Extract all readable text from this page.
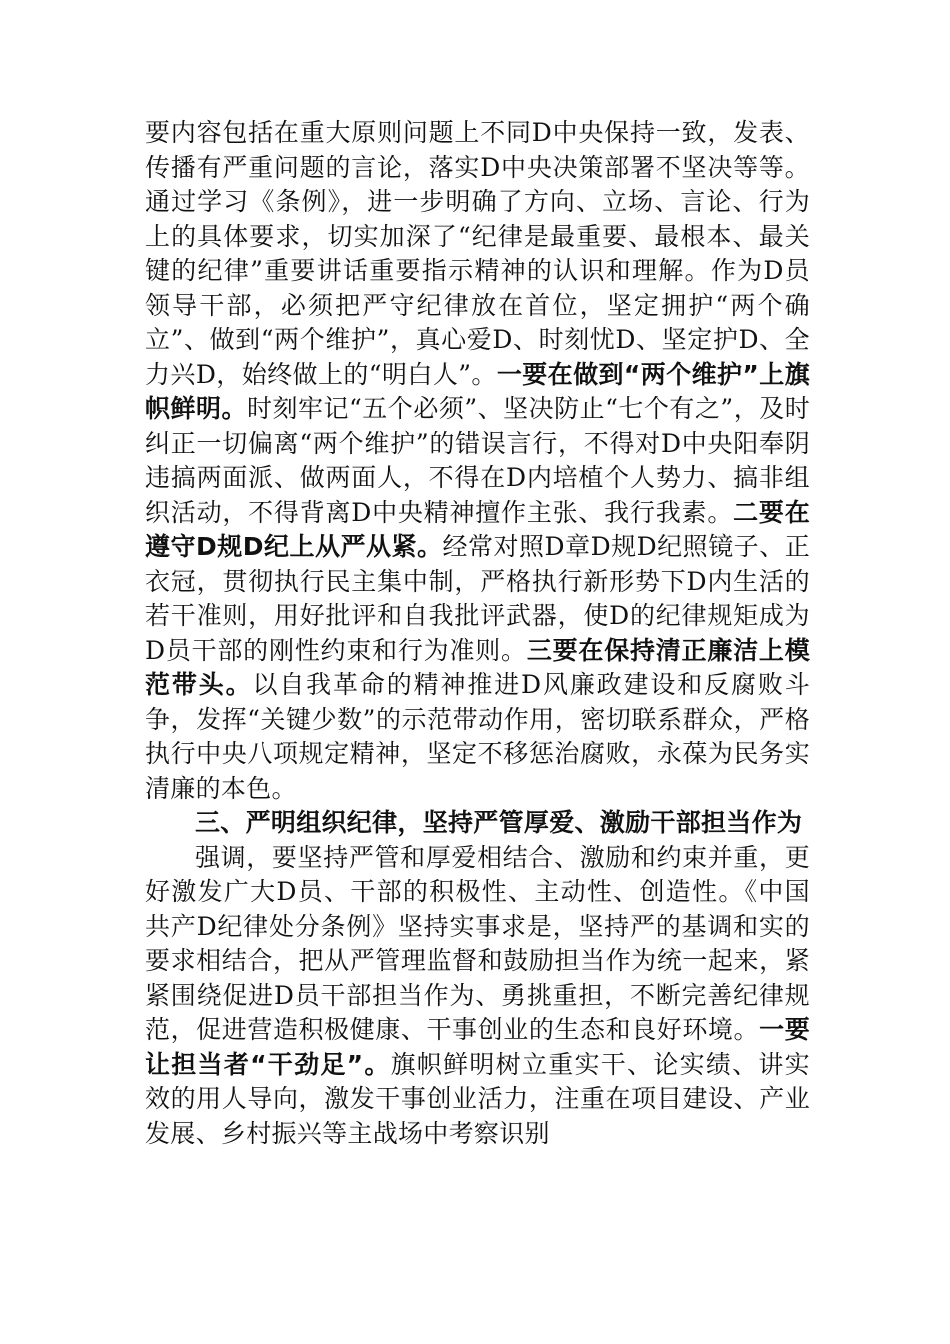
要内容包括在重大原则问题上不同D中央保持一致，发表、传播有严重问题的言论，落实D中央决策部署不坚决等等。通过学习《条例》，进一步明确了方向、立场、言论、行为上的具体要求，切实加深了“纪律是最重要、最根本、最关键的纪律”重要讲话重要指示精神的认识和理解。作为D员领导干部，必须把严守纪律放在首位，坚定拥护“两个确立”、做到“两个维护”，真心爱D、时刻忧D、坚定护D、全力兴D，始终做上的“明白人”。一要在做到“两个维护”上旗帜鲜明。时刻牢记“五个必须”、坚决防止“七个有之”，及时纠正一切偏离“两个维护”的错误言行，不得对D中央阳奉阴违搞两面派、做两面人，不得在D内培植个人势力、搞非组织活动，不得背离D中央精神擅作主张、我行我素。二要在遵守D规D纪上从严从紧。经常对照D章D规D纪照镜子、正衣冠，贯彻执行民主集中制，严格执行新形势下D内生活的若干准则，用好批评和自我批评武器，使D的纪律规矩成为D员干部的刚性约束和行为准则。三要在保持清正廉洁上模范带头。以自我革命的精神推进D风廉政建设和反腐败斗争，发挥“关键少数”的示范带动作用，密切联系群众，严格执行中央八项规定精神，坚定不移惩治腐败，永葆为民务实清廉的本色。

三、严明组织纪律，坚持严管厚爱、激励干部担当作为

强调，要坚持严管和厚爱相结合、激励和约束并重，更好激发广大D员、干部的积极性、主动性、创造性。《中国共产D纪律处分条例》坚持实事求是，坚持严的基调和实的要求相结合，把从严管理监督和鼓励担当作为统一起来，紧紧围绕促进D员干部担当作为、勇挑重担，不断完善纪律规范，促进营造积极健康、干事创业的生态和良好环境。一要让担当者“干劲足”。旗帜鲜明树立重实干、论实绩、讲实效的用人导向，激发干事创业活力，注重在项目建设、产业发展、乡村振兴等主战场中考察识别
